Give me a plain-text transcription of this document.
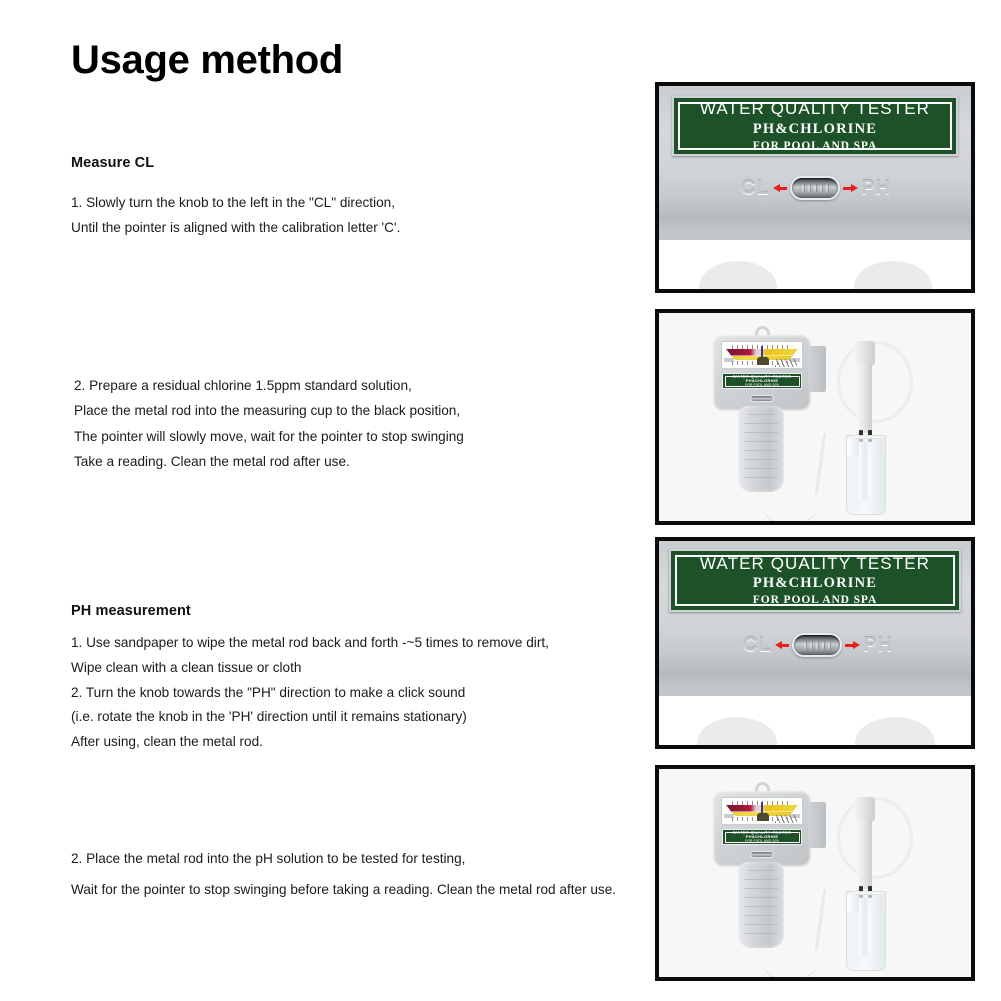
Usage method
Measure CL
1. Slowly turn the knob to the left in the "CL" direction,
Until the pointer is aligned with the calibration letter 'C'.
2. Prepare a residual chlorine 1.5ppm standard solution,
Place the metal rod into the measuring cup to the black position,
The pointer will slowly move, wait for the pointer to stop swinging
Take a reading. Clean the metal rod after use.
PH measurement
1. Use sandpaper to wipe the metal rod back and forth -~5 times to remove dirt,
Wipe clean with a clean tissue or cloth
2. Turn the knob towards the "PH" direction to make a click sound
(i.e. rotate the knob in the 'PH' direction until it remains stationary)
After using, clean the metal rod.
2. Place the metal rod into the pH solution to be tested for testing,
Wait for the pointer to stop swinging before taking a reading. Clean the metal rod after use.
WATER QUALITY TESTER
PH&CHLORINE
FOR POOL AND SPA
CL	PH
WATER QUALITY TESTER
PH&CHLORINE
FOR POOL AND SPA
WATER QUALITY TESTER
PH&CHLORINE
FOR POOL AND SPA
CL	PH
WATER QUALITY TESTER
PH&CHLORINE
FOR POOL AND SPA
